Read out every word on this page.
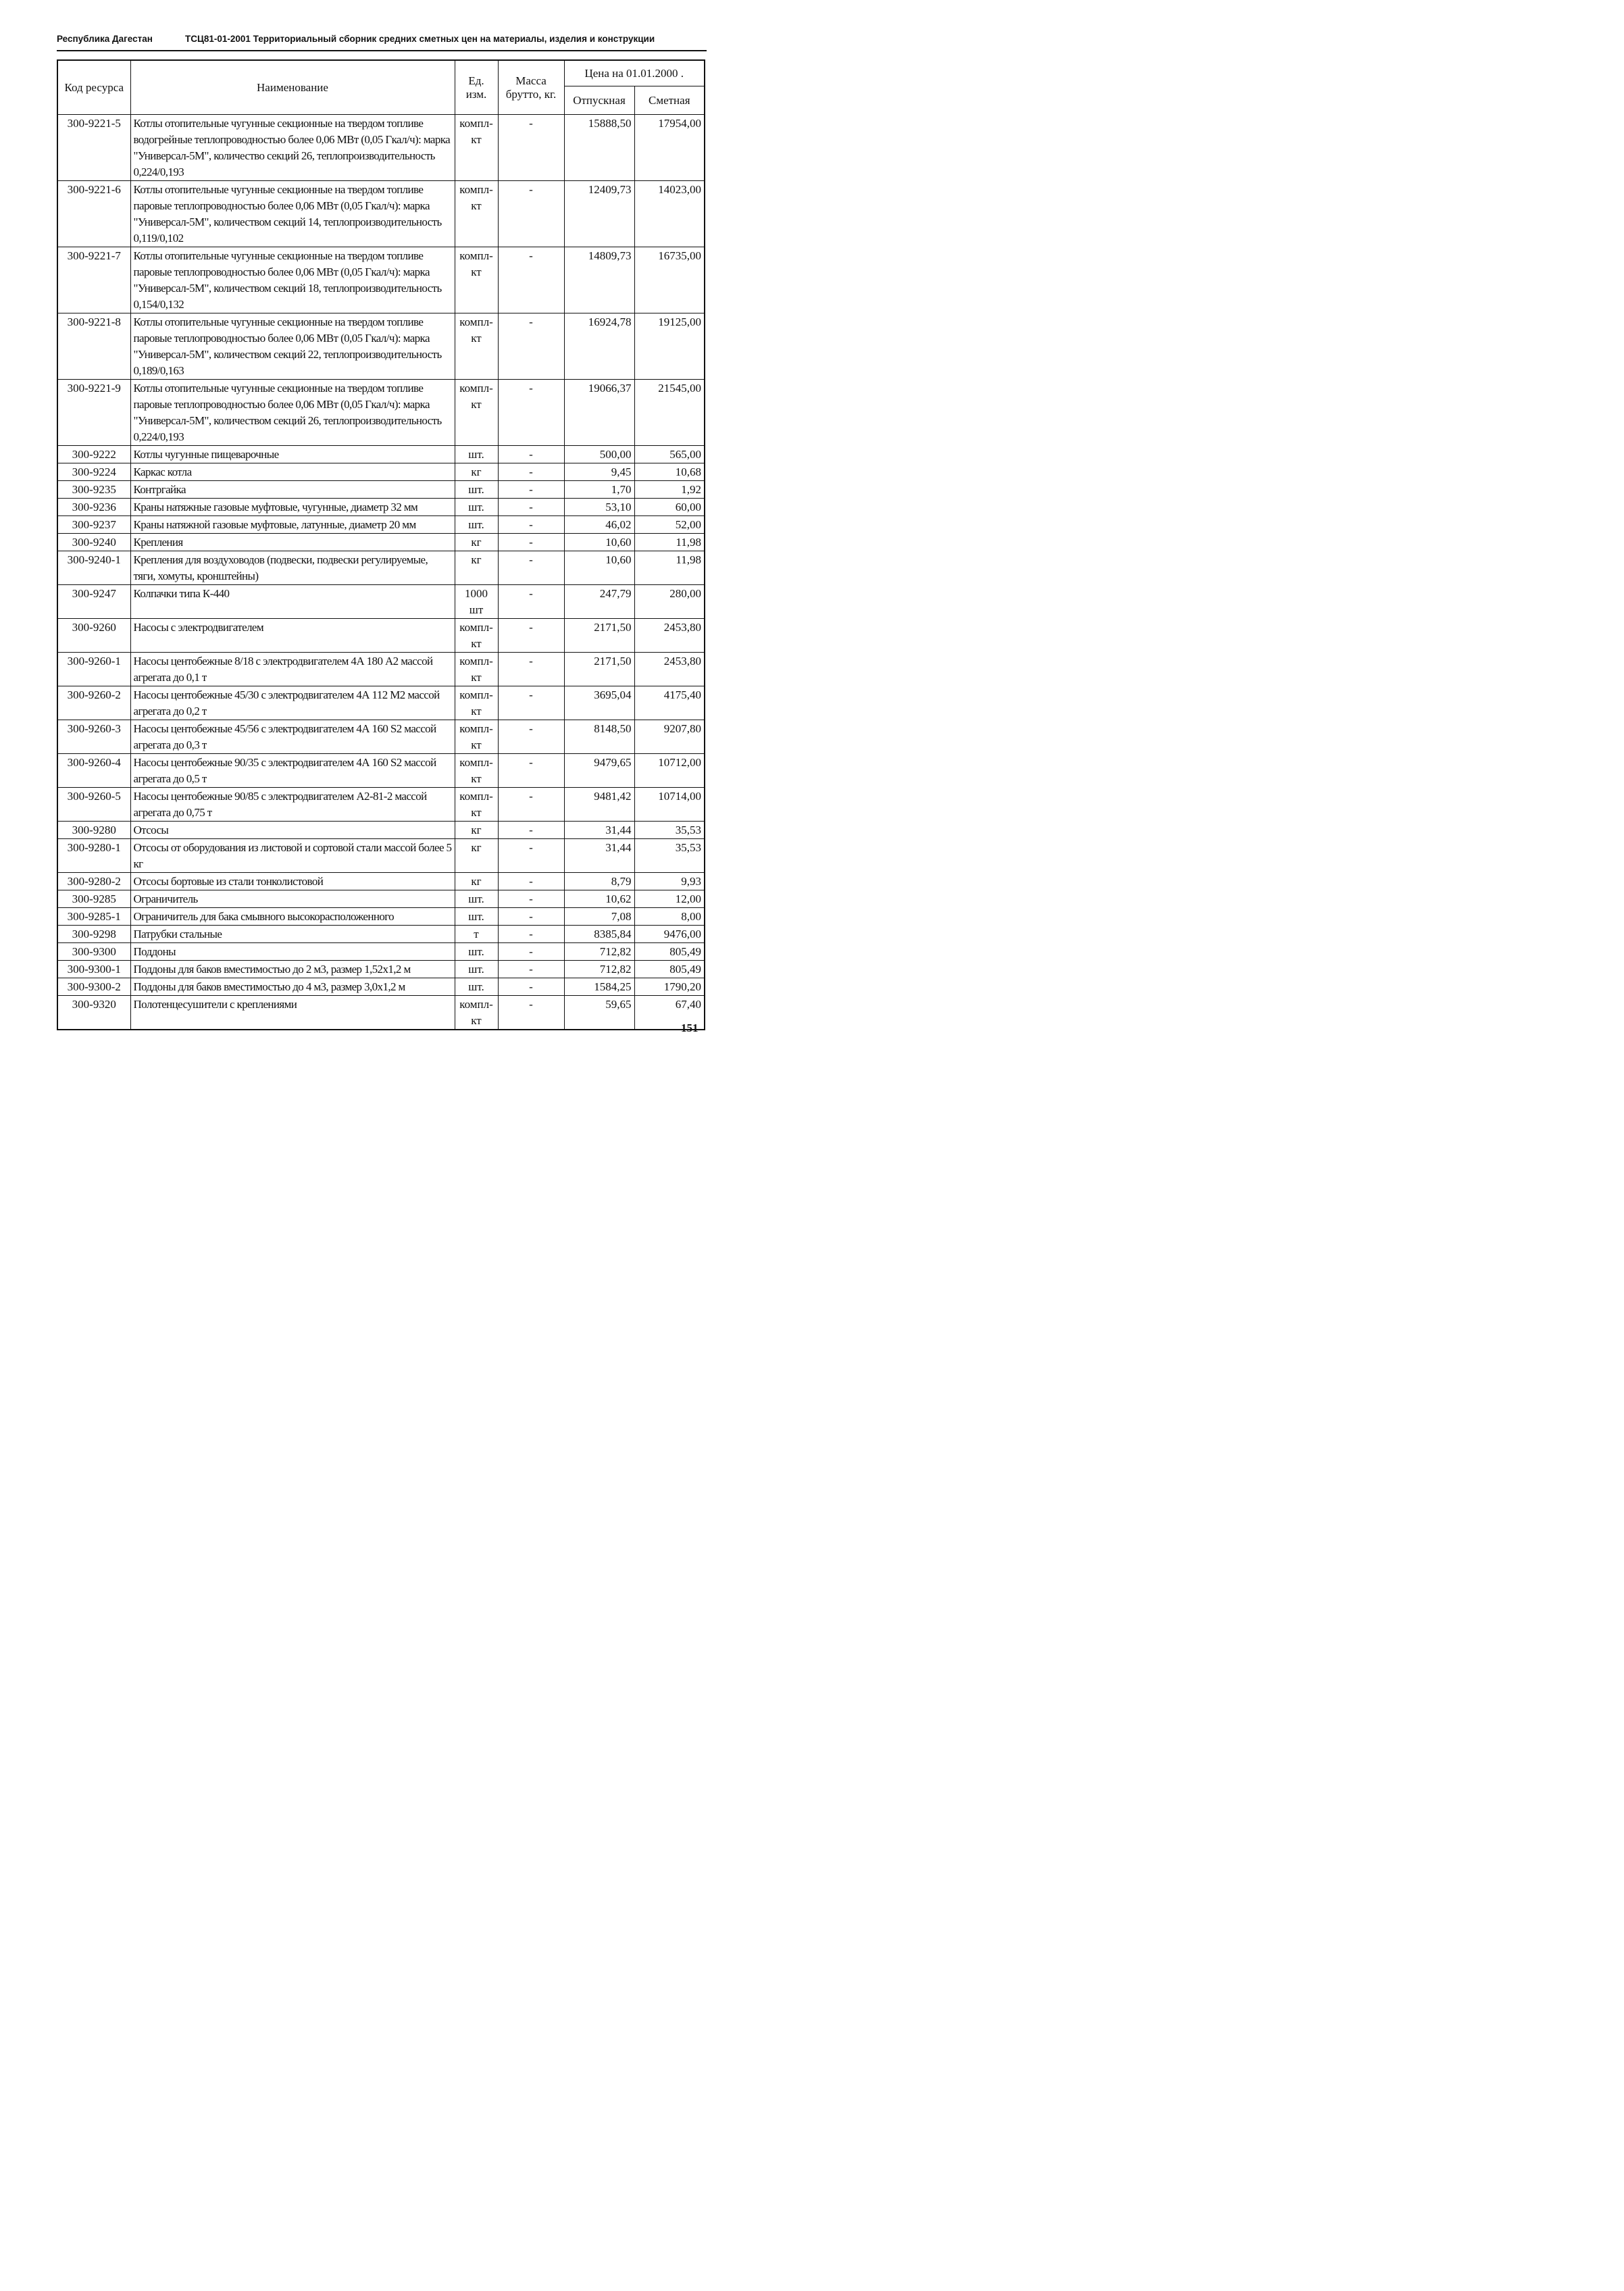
Республика Дагестан	ТСЦ81-01-2001 Территориальный сборник средних сметных цен на материалы, изделия и конструкции
Код ресурса	Наименование	Ед. изм.	Масса брутто, кг.	Цена на 01.01.2000 .	
				Отпускная	Сметная
300-9221-5	Котлы отопительные чугунные секционные на твердом топливе водогрейные теплопроводностью более 0,06 МВт (0,05 Гкал/ч): марка "Универсал-5М", количество секций 26, теплопроизводительность 0,224/0,193	компл-кт	-	15888,50	17954,00
300-9221-6	Котлы отопительные чугунные секционные на твердом топливе паровые теплопроводностью более 0,06 МВт (0,05 Гкал/ч): марка "Универсал-5М", количеством секций 14, теплопроизводительность 0,119/0,102	компл-кт	-	12409,73	14023,00
300-9221-7	Котлы отопительные чугунные секционные на твердом топливе паровые теплопроводностью более 0,06 МВт (0,05 Гкал/ч): марка "Универсал-5М", количеством секций 18, теплопроизводительность 0,154/0,132	компл-кт	-	14809,73	16735,00
300-9221-8	Котлы отопительные чугунные секционные на твердом топливе паровые теплопроводностью более 0,06 МВт (0,05 Гкал/ч): марка "Универсал-5М", количеством секций 22, теплопроизводительность 0,189/0,163	компл-кт	-	16924,78	19125,00
300-9221-9	Котлы отопительные чугунные секционные на твердом топливе паровые теплопроводностью более 0,06 МВт (0,05 Гкал/ч): марка "Универсал-5М", количеством секций 26, теплопроизводительность 0,224/0,193	компл-кт	-	19066,37	21545,00
300-9222	Котлы чугунные пищеварочные	шт.	-	500,00	565,00
300-9224	Каркас котла	кг	-	9,45	10,68
300-9235	Контргайка	шт.	-	1,70	1,92
300-9236	Краны натяжные газовые муфтовые, чугунные, диаметр 32 мм	шт.	-	53,10	60,00
300-9237	Краны натяжной газовые муфтовые, латунные, диаметр 20 мм	шт.	-	46,02	52,00
300-9240	Крепления	кг	-	10,60	11,98
300-9240-1	Крепления для воздуховодов (подвески, подвески регулируемые, тяги, хомуты, кронштейны)	кг	-	10,60	11,98
300-9247	Колпачки типа К-440	1000 шт	-	247,79	280,00
300-9260	Насосы с электродвигателем	компл-кт	-	2171,50	2453,80
300-9260-1	Насосы центобежные 8/18 с электродвигателем 4А 180 А2 массой агрегата до 0,1 т	компл-кт	-	2171,50	2453,80
300-9260-2	Насосы центобежные 45/30 с электродвигателем 4А 112 М2 массой агрегата до 0,2 т	компл-кт	-	3695,04	4175,40
300-9260-3	Насосы центобежные 45/56 с электродвигателем 4А 160 S2 массой агрегата до 0,3 т	компл-кт	-	8148,50	9207,80
300-9260-4	Насосы центобежные 90/35 с электродвигателем 4А 160 S2 массой агрегата до 0,5 т	компл-кт	-	9479,65	10712,00
300-9260-5	Насосы центобежные 90/85 с электродвигателем А2-81-2 массой агрегата до 0,75 т	компл-кт	-	9481,42	10714,00
300-9280	Отсосы	кг	-	31,44	35,53
300-9280-1	Отсосы от оборудования из листовой и сортовой стали массой более 5 кг	кг	-	31,44	35,53
300-9280-2	Отсосы бортовые из стали тонколистовой	кг	-	8,79	9,93
300-9285	Ограничитель	шт.	-	10,62	12,00
300-9285-1	Ограничитель для бака смывного высокорасположенного	шт.	-	7,08	8,00
300-9298	Патрубки стальные	т	-	8385,84	9476,00
300-9300	Поддоны	шт.	-	712,82	805,49
300-9300-1	Поддоны для баков вместимостью до 2 м3, размер 1,52х1,2 м	шт.	-	712,82	805,49
300-9300-2	Поддоны для баков вместимостью до 4 м3, размер 3,0х1,2 м	шт.	-	1584,25	1790,20
300-9320	Полотенцесушители с креплениями	компл-кт	-	59,65	67,40
151
